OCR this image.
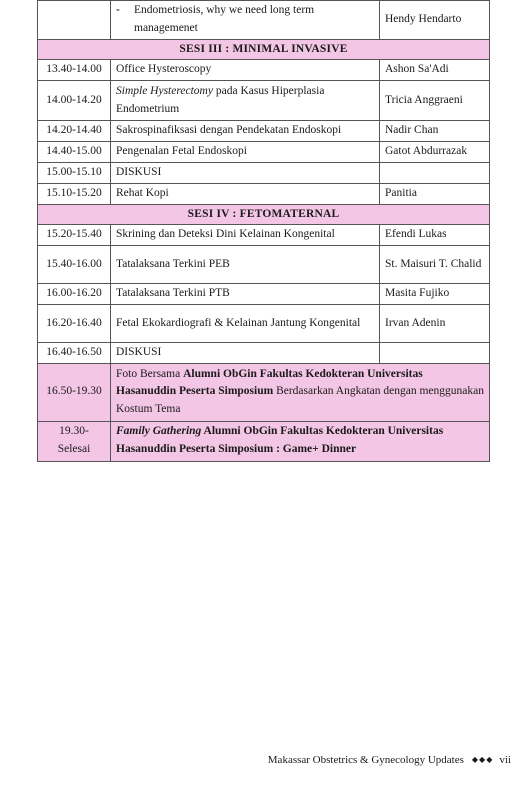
	- Endometriosis, why we need long term managemenet	Hendy Hendarto
SESI III : MINIMAL INVASIVE		
13.40-14.00	Office Hysteroscopy	Ashon Sa'Adi
14.00-14.20	Simple Hysterectomy pada Kasus Hiperplasia Endometrium	Tricia Anggraeni
14.20-14.40	Sakrospinafiksasi dengan Pendekatan Endoskopi	Nadir Chan
14.40-15.00	Pengenalan Fetal Endoskopi	Gatot Abdurrazak
15.00-15.10	DISKUSI	
15.10-15.20	Rehat Kopi	Panitia
SESI IV : FETOMATERNAL		
15.20-15.40	Skrining dan Deteksi Dini Kelainan Kongenital	Efendi Lukas
15.40-16.00	Tatalaksana Terkini PEB	St. Maisuri T. Chalid
16.00-16.20	Tatalaksana Terkini PTB	Masita Fujiko
16.20-16.40	Fetal Ekokardiografi & Kelainan Jantung Kongenital	Irvan Adenin
16.40-16.50	DISKUSI	
16.50-19.30	Foto Bersama Alumni ObGin Fakultas Kedokteran Universitas Hasanuddin Peserta Simposium Berdasarkan Angkatan dengan menggunakan Kostum Tema	
19.30- Selesai	Family Gathering Alumni ObGin Fakultas Kedokteran Universitas Hasanuddin Peserta Simposium : Game+ Dinner	
Makassar Obstetrics & Gynecology Updates ◆◆◆ vii
